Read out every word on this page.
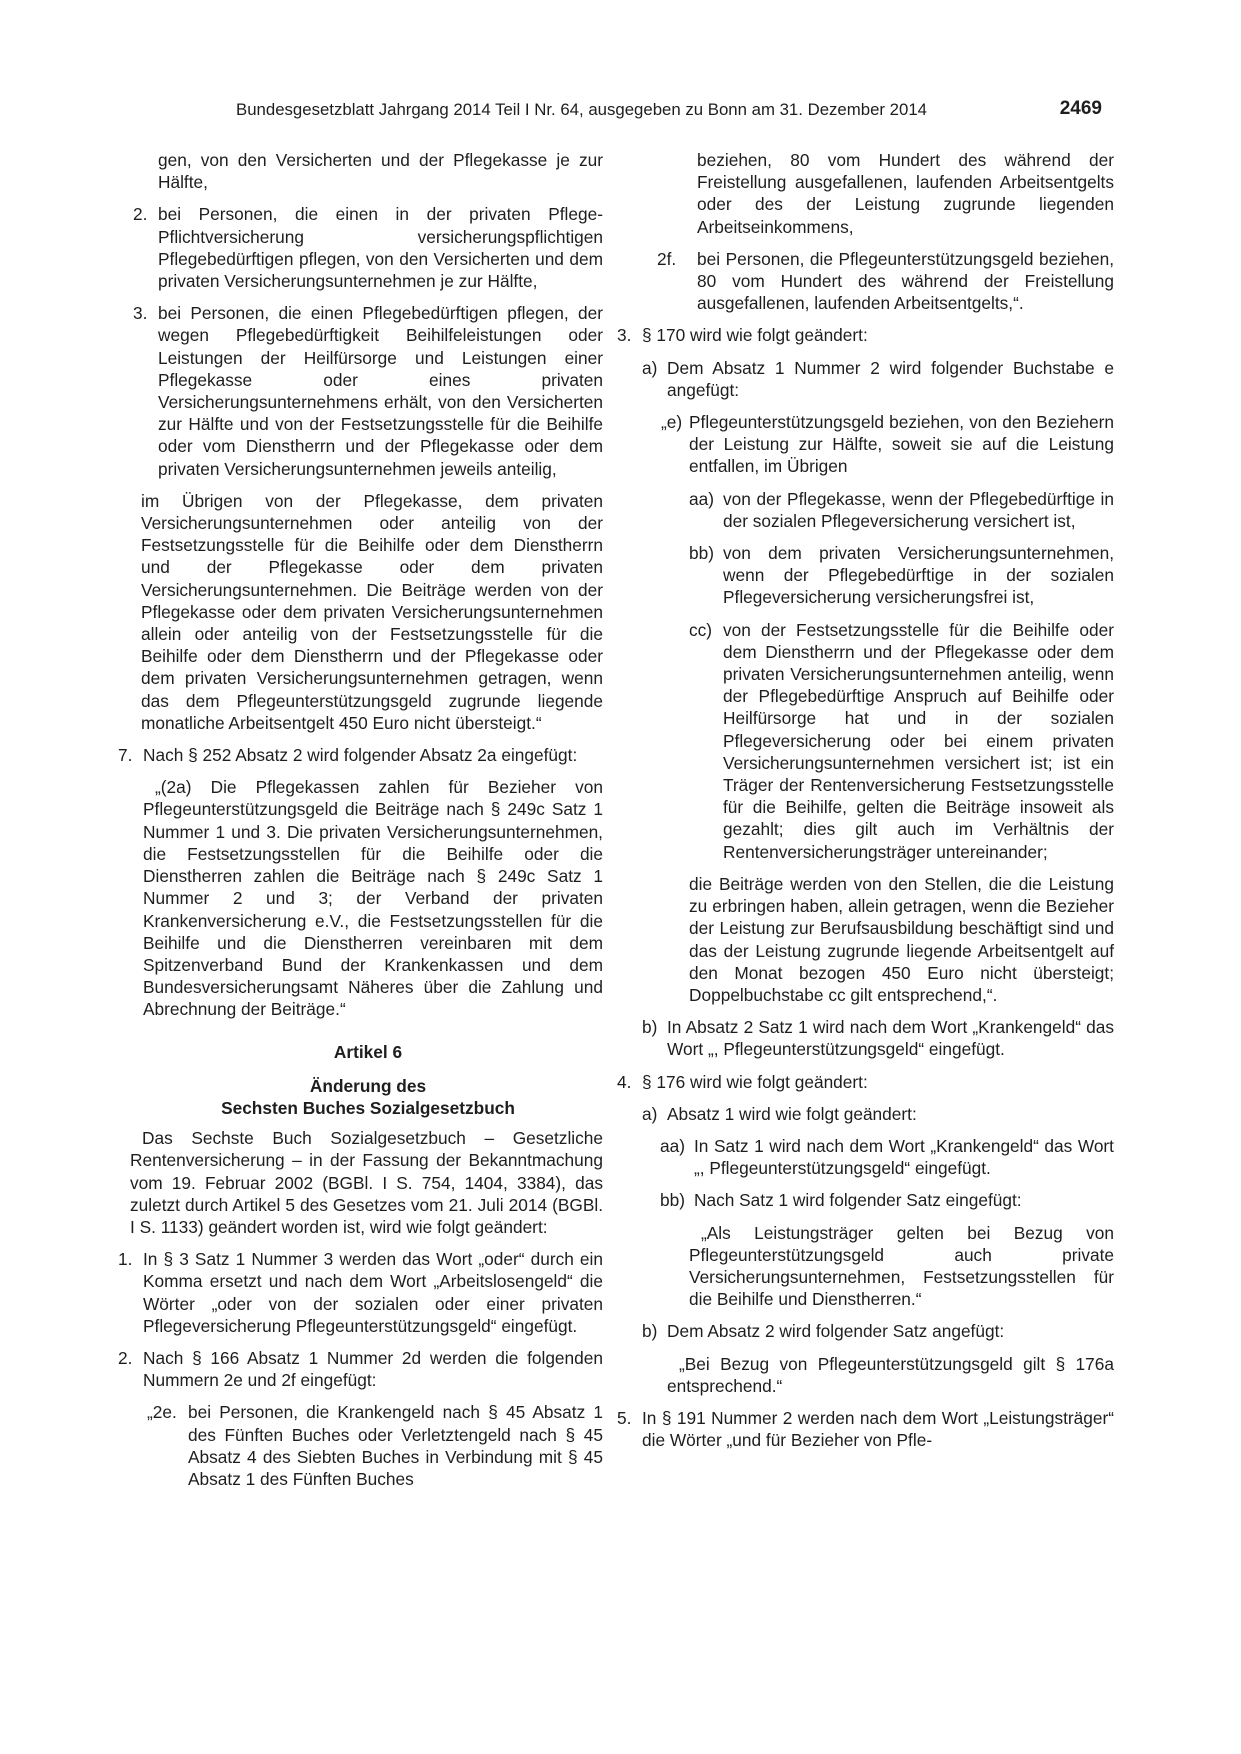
Bundesgesetzblatt Jahrgang 2014 Teil I Nr. 64, ausgegeben zu Bonn am 31. Dezember 2014	2469

gen, von den Versicherten und der Pflegekasse je zur Hälfte,

2. bei Personen, die einen in der privaten Pflege-Pflichtversicherung versicherungspflichtigen Pflegebedürftigen pflegen, von den Versicherten und dem privaten Versicherungsunternehmen je zur Hälfte,
3. bei Personen, die einen Pflegebedürftigen pflegen, der wegen Pflegebedürftigkeit Beihilfeleistungen oder Leistungen der Heilfürsorge und Leistungen einer Pflegekasse oder eines privaten Versicherungsunternehmens erhält, von den Versicherten zur Hälfte und von der Festsetzungsstelle für die Beihilfe oder vom Dienstherrn und der Pflegekasse oder dem privaten Versicherungsunternehmen jeweils anteilig,

im Übrigen von der Pflegekasse, dem privaten Versicherungsunternehmen oder anteilig von der Festsetzungsstelle für die Beihilfe oder dem Dienstherrn und der Pflegekasse oder dem privaten Versicherungsunternehmen. Die Beiträge werden von der Pflegekasse oder dem privaten Versicherungsunternehmen allein oder anteilig von der Festsetzungsstelle für die Beihilfe oder dem Dienstherrn und der Pflegekasse oder dem privaten Versicherungsunternehmen getragen, wenn das dem Pflegeunterstützungsgeld zugrunde liegende monatliche Arbeitsentgelt 450 Euro nicht übersteigt.“

7. Nach § 252 Absatz 2 wird folgender Absatz 2a eingefügt:

„(2a) Die Pflegekassen zahlen für Bezieher von Pflegeunterstützungsgeld die Beiträge nach § 249c Satz 1 Nummer 1 und 3. Die privaten Versicherungsunternehmen, die Festsetzungsstellen für die Beihilfe oder die Dienstherren zahlen die Beiträge nach § 249c Satz 1 Nummer 2 und 3; der Verband der privaten Krankenversicherung e.V., die Festsetzungsstellen für die Beihilfe und die Dienstherren vereinbaren mit dem Spitzenverband Bund der Krankenkassen und dem Bundesversicherungsamt Näheres über die Zahlung und Abrechnung der Beiträge.“

Artikel 6

Änderung des

Sechsten Buches Sozialgesetzbuch

Das Sechste Buch Sozialgesetzbuch – Gesetzliche Rentenversicherung – in der Fassung der Bekanntmachung vom 19. Februar 2002 (BGBl. I S. 754, 1404, 3384), das zuletzt durch Artikel 5 des Gesetzes vom 21. Juli 2014 (BGBl. I S. 1133) geändert worden ist, wird wie folgt geändert:

1. In § 3 Satz 1 Nummer 3 werden das Wort „oder“ durch ein Komma ersetzt und nach dem Wort „Arbeitslosengeld“ die Wörter „oder von der sozialen oder einer privaten Pflegeversicherung Pflegeunterstützungsgeld“ eingefügt.
2. Nach § 166 Absatz 1 Nummer 2d werden die folgenden Nummern 2e und 2f eingefügt:
„2e. bei Personen, die Krankengeld nach § 45 Absatz 1 des Fünften Buches oder Verletztengeld nach § 45 Absatz 4 des Siebten Buches in Verbindung mit § 45 Absatz 1 des Fünften Buches

beziehen, 80 vom Hundert des während der Freistellung ausgefallenen, laufenden Arbeitsentgelts oder des der Leistung zugrunde liegenden Arbeitseinkommens,

2f.	bei Personen, die Pflegeunterstützungsgeld beziehen, 80 vom Hundert des während der Freistellung ausgefallenen, laufenden Arbeitsentgelts,“.
3. § 170 wird wie folgt geändert:
a) Dem Absatz 1 Nummer 2 wird folgender Buchstabe e angefügt:
„e) Pflegeunterstützungsgeld beziehen, von den Beziehern der Leistung zur Hälfte, soweit sie auf die Leistung entfallen, im Übrigen
aa) von der Pflegekasse, wenn der Pflegebedürftige in der sozialen Pflegeversicherung versichert ist,
bb) von dem privaten Versicherungsunternehmen, wenn der Pflegebedürftige in der sozialen Pflegeversicherung versicherungsfrei ist,
cc) von der Festsetzungsstelle für die Beihilfe oder dem Dienstherrn und der Pflegekasse oder dem privaten Versicherungsunternehmen anteilig, wenn der Pflegebedürftige Anspruch auf Beihilfe oder Heilfürsorge hat und in der sozialen Pflegeversicherung oder bei einem privaten Versicherungsunternehmen versichert ist; ist ein Träger der Rentenversicherung Festsetzungsstelle für die Beihilfe, gelten die Beiträge insoweit als gezahlt; dies gilt auch im Verhältnis der Rentenversicherungsträger untereinander;

die Beiträge werden von den Stellen, die die Leistung zu erbringen haben, allein getragen, wenn die Bezieher der Leistung zur Berufsausbildung beschäftigt sind und das der Leistung zugrunde liegende Arbeitsentgelt auf den Monat bezogen 450 Euro nicht übersteigt; Doppelbuchstabe cc gilt entsprechend,“.

b) In Absatz 2 Satz 1 wird nach dem Wort „Krankengeld“ das Wort „, Pflegeunterstützungsgeld“ eingefügt.
4. § 176 wird wie folgt geändert:
a) Absatz 1 wird wie folgt geändert:
aa) In Satz 1 wird nach dem Wort „Krankengeld“ das Wort „, Pflegeunterstützungsgeld“ eingefügt.
bb) Nach Satz 1 wird folgender Satz eingefügt:

„Als Leistungsträger gelten bei Bezug von Pflegeunterstützungsgeld auch private Versicherungsunternehmen, Festsetzungsstellen für die Beihilfe und Dienstherren.“

b) Dem Absatz 2 wird folgender Satz angefügt:

„Bei Bezug von Pflegeunterstützungsgeld gilt § 176a entsprechend.“

5. In § 191 Nummer 2 werden nach dem Wort „Leistungsträger“ die Wörter „und für Bezieher von Pfle-
